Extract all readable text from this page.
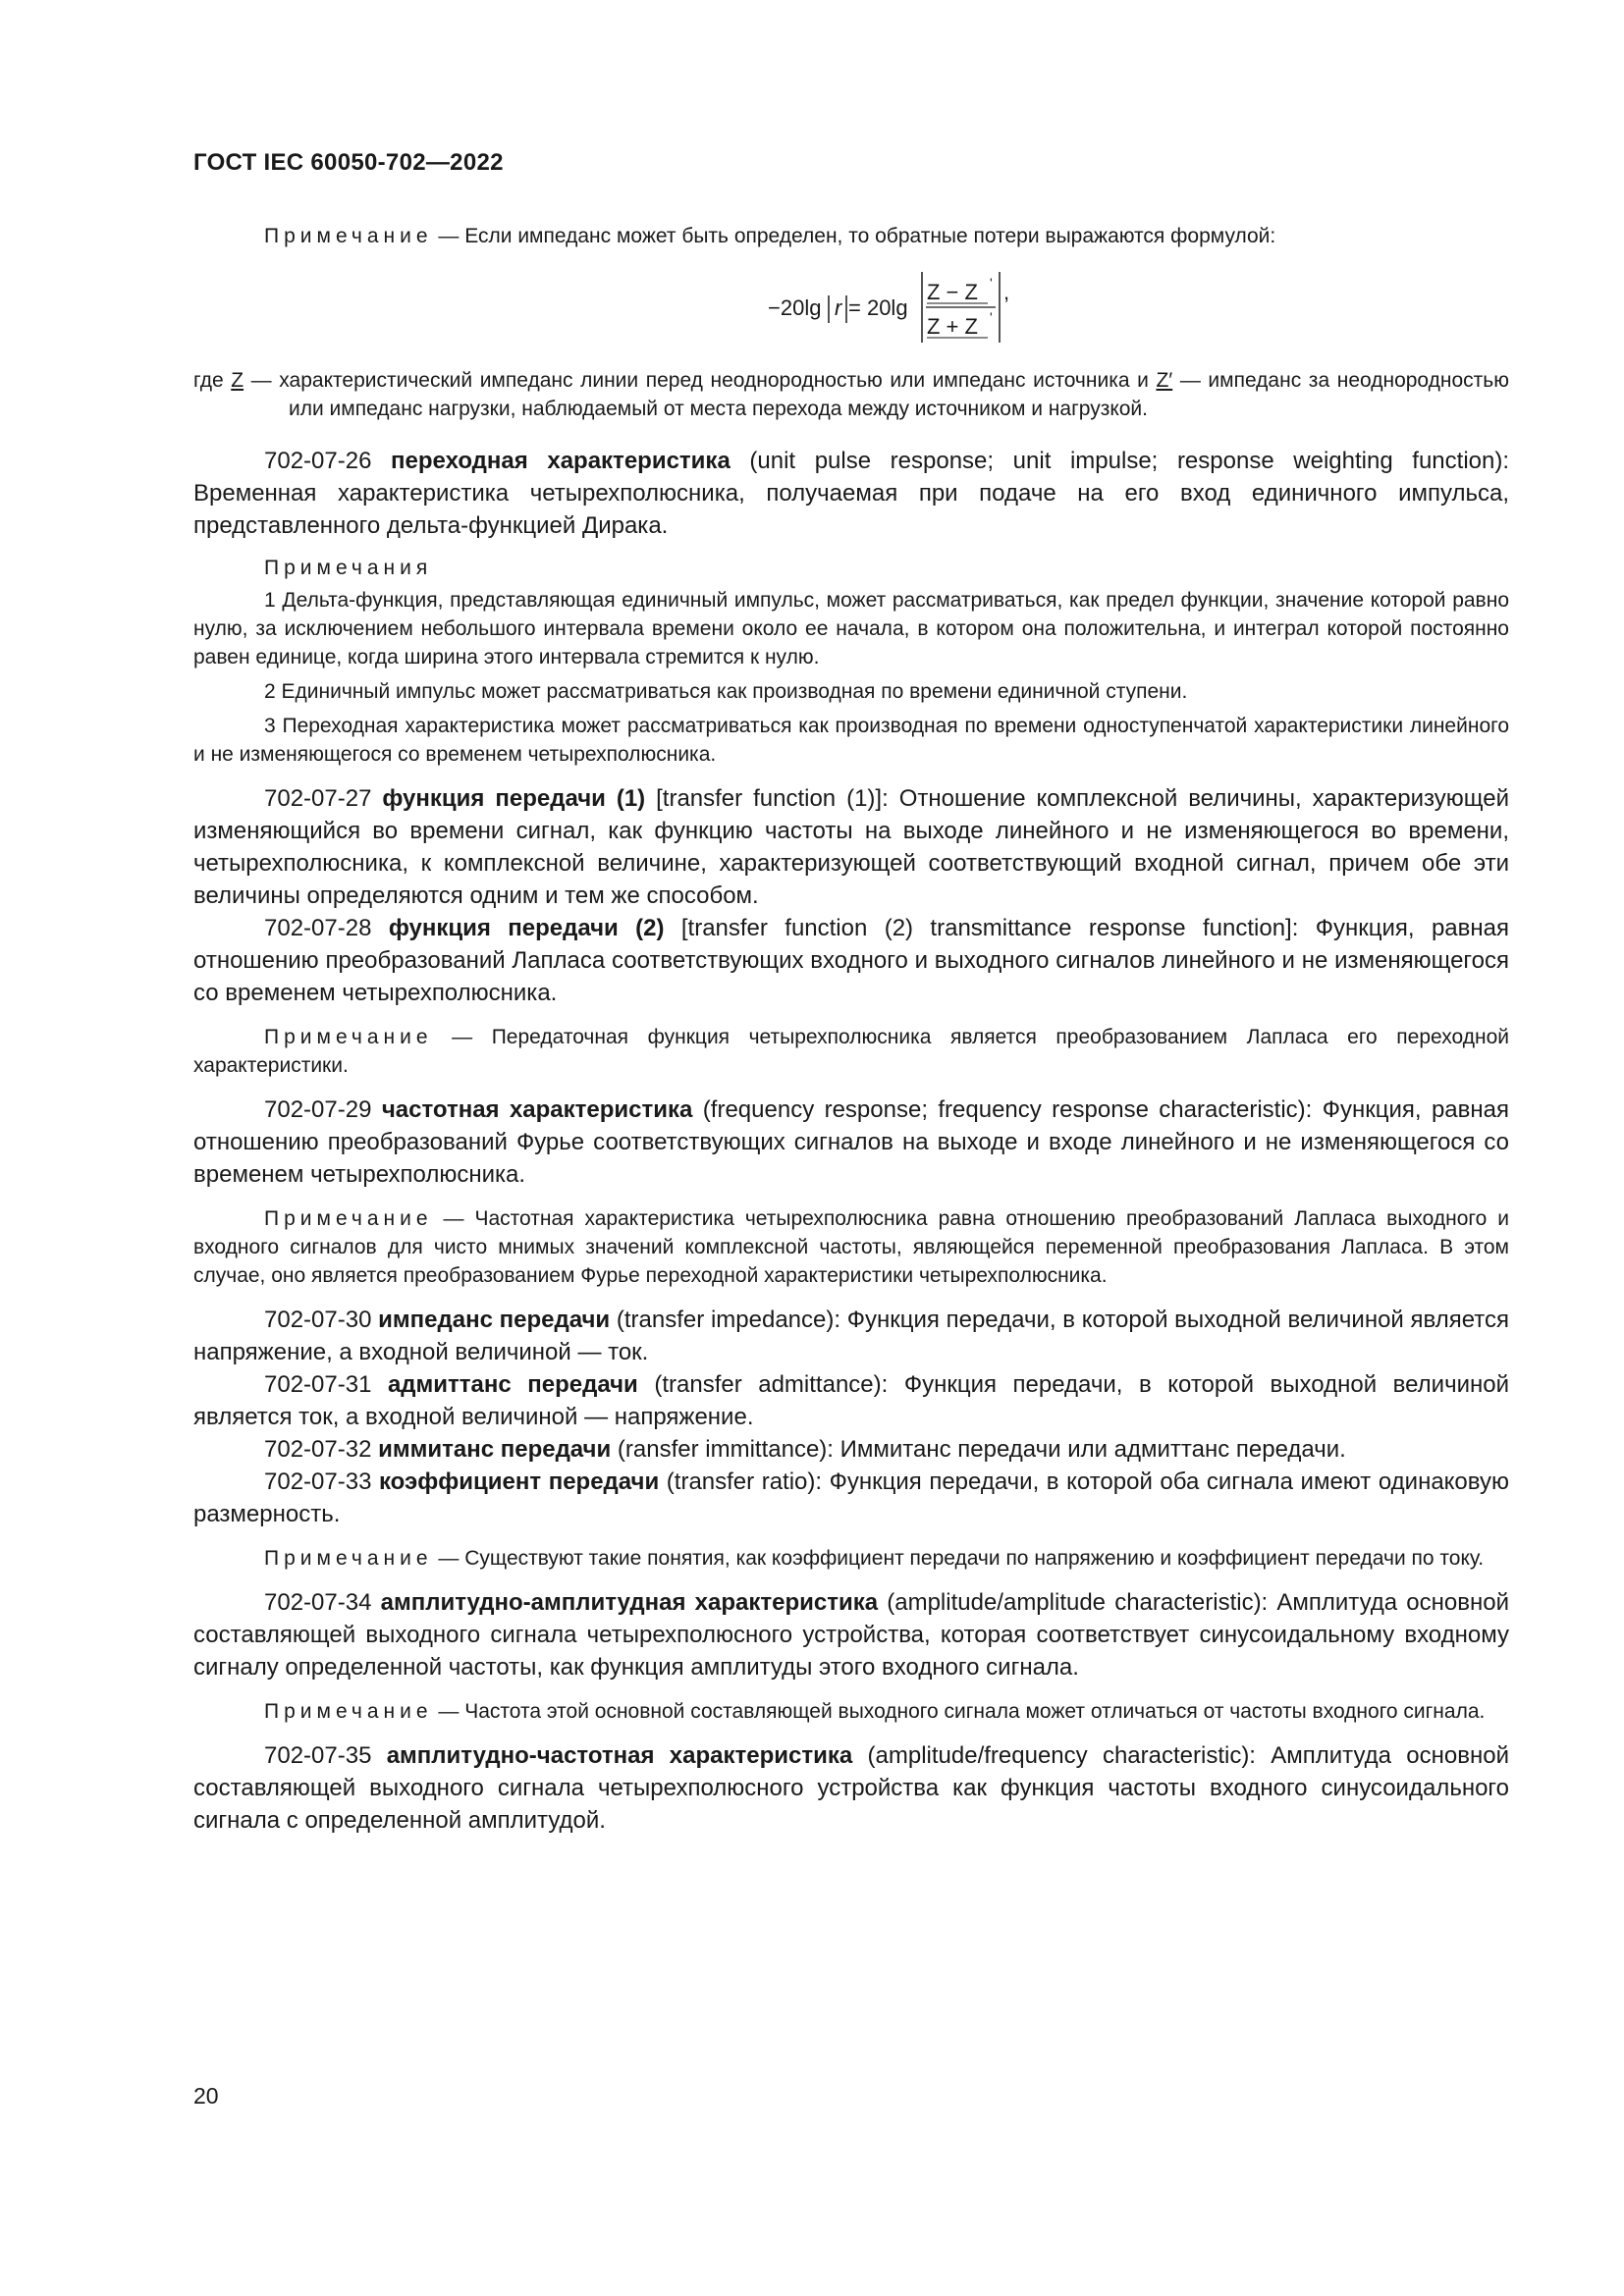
ГОСТ IEC 60050-702—2022

Примечание — Если импеданс может быть определен, то обратные потери выражаются формулой:

−20lg r = 20lg
Z − Z '
Z + Z '
,

где Z — характеристический импеданс линии перед неоднородностью или импеданс источника и Z′ — импеданс за неоднородностью или импеданс нагрузки, наблюдаемый от места перехода между источником и нагрузкой.

702-07-26 переходная характеристика (unit pulse response; unit impulse; response weighting function): Временная характеристика четырехполюсника, получаемая при подаче на его вход единичного импульса, представленного дельта-функцией Дирака.

Примечания

1 Дельта-функция, представляющая единичный импульс, может рассматриваться, как предел функции, значение которой равно нулю, за исключением небольшого интервала времени около ее начала, в котором она положительна, и интеграл которой постоянно равен единице, когда ширина этого интервала стремится к нулю.

2 Единичный импульс может рассматриваться как производная по времени единичной ступени.

3 Переходная характеристика может рассматриваться как производная по времени одноступенчатой характеристики линейного и не изменяющегося со временем четырехполюсника.

702-07-27 функция передачи (1) [transfer function (1)]: Отношение комплексной величины, характеризующей изменяющийся во времени сигнал, как функцию частоты на выходе линейного и не изменяющегося во времени, четырехполюсника, к комплексной величине, характеризующей соответствующий входной сигнал, причем обе эти величины определяются одним и тем же способом.

702-07-28 функция передачи (2) [transfer function (2) transmittance response function]: Функция, равная отношению преобразований Лапласа соответствующих входного и выходного сигналов линейного и не изменяющегося со временем четырехполюсника.

Примечание — Передаточная функция четырехполюсника является преобразованием Лапласа его переходной характеристики.

702-07-29 частотная характеристика (frequency response; frequency response characteristic): Функция, равная отношению преобразований Фурье соответствующих сигналов на выходе и входе линейного и не изменяющегося со временем четырехполюсника.

Примечание — Частотная характеристика четырехполюсника равна отношению преобразований Лапласа выходного и входного сигналов для чисто мнимых значений комплексной частоты, являющейся переменной преобразования Лапласа. В этом случае, оно является преобразованием Фурье переходной характеристики четырехполюсника.

702-07-30 импеданс передачи (transfer impedance): Функция передачи, в которой выходной величиной является напряжение, а входной величиной — ток.

702-07-31 адмиттанс передачи (transfer admittance): Функция передачи, в которой выходной величиной является ток, а входной величиной — напряжение.

702-07-32 иммитанс передачи (ransfer immittance): Иммитанс передачи или адмиттанс передачи.

702-07-33 коэффициент передачи (transfer ratio): Функция передачи, в которой оба сигнала имеют одинаковую размерность.

Примечание — Существуют такие понятия, как коэффициент передачи по напряжению и коэффициент передачи по току.

702-07-34 амплитудно-амплитудная характеристика (amplitude/amplitude characteristic): Амплитуда основной составляющей выходного сигнала четырехполюсного устройства, которая соответствует синусоидальному входному сигналу определенной частоты, как функция амплитуды этого входного сигнала.

Примечание — Частота этой основной составляющей выходного сигнала может отличаться от частоты входного сигнала.

702-07-35 амплитудно-частотная характеристика (amplitude/frequency characteristic): Амплитуда основной составляющей выходного сигнала четырехполюсного устройства как функция частоты входного синусоидального сигнала с определенной амплитудой.

20
